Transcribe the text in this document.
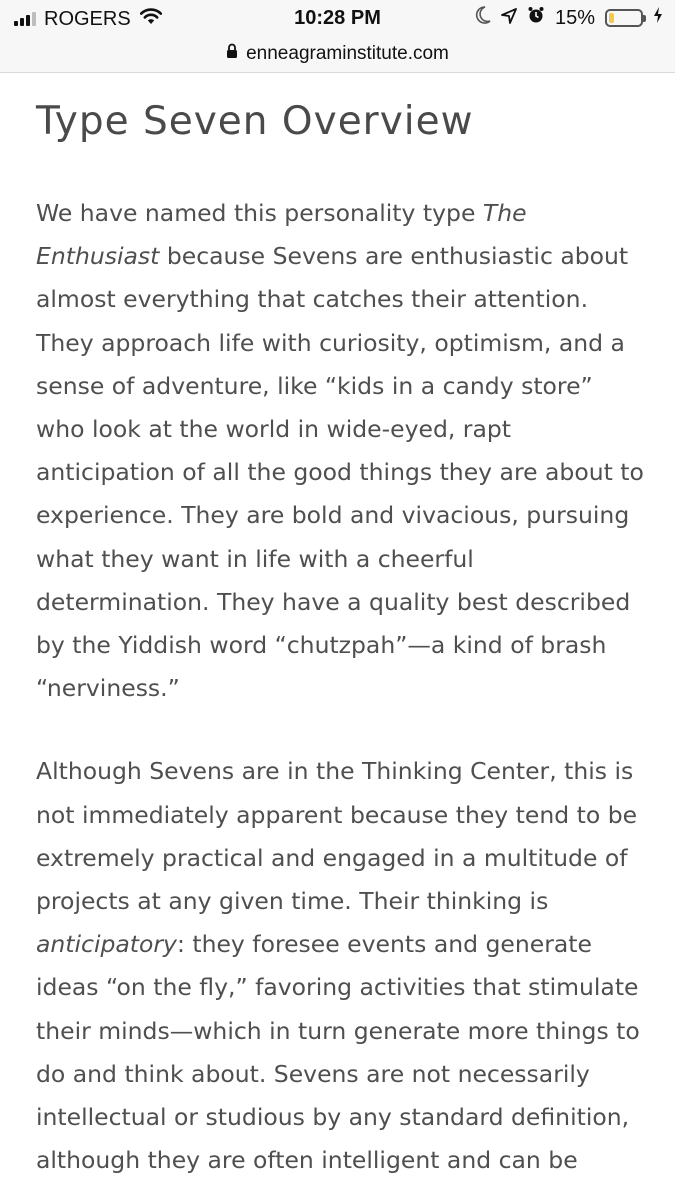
ROGERS	10:28 PM	15%
enneagraminstitute.com
Type Seven Overview

We have named this personality type The Enthusiast because Sevens are enthusiastic about almost everything that catches their attention. They approach life with curiosity, optimism, and a sense of adventure, like “kids in a candy store” who look at the world in wide-eyed, rapt anticipation of all the good things they are about to experience. They are bold and vivacious, pursuing what they want in life with a cheerful determination. They have a quality best described by the Yiddish word “chutzpah”—a kind of brash “nerviness.”

Although Sevens are in the Thinking Center, this is not immediately apparent because they tend to be extremely practical and engaged in a multitude of projects at any given time. Their thinking is anticipatory: they foresee events and generate ideas “on the fly,” favoring activities that stimulate their minds—which in turn generate more things to do and think about. Sevens are not necessarily intellectual or studious by any standard definition, although they are often intelligent and can be
